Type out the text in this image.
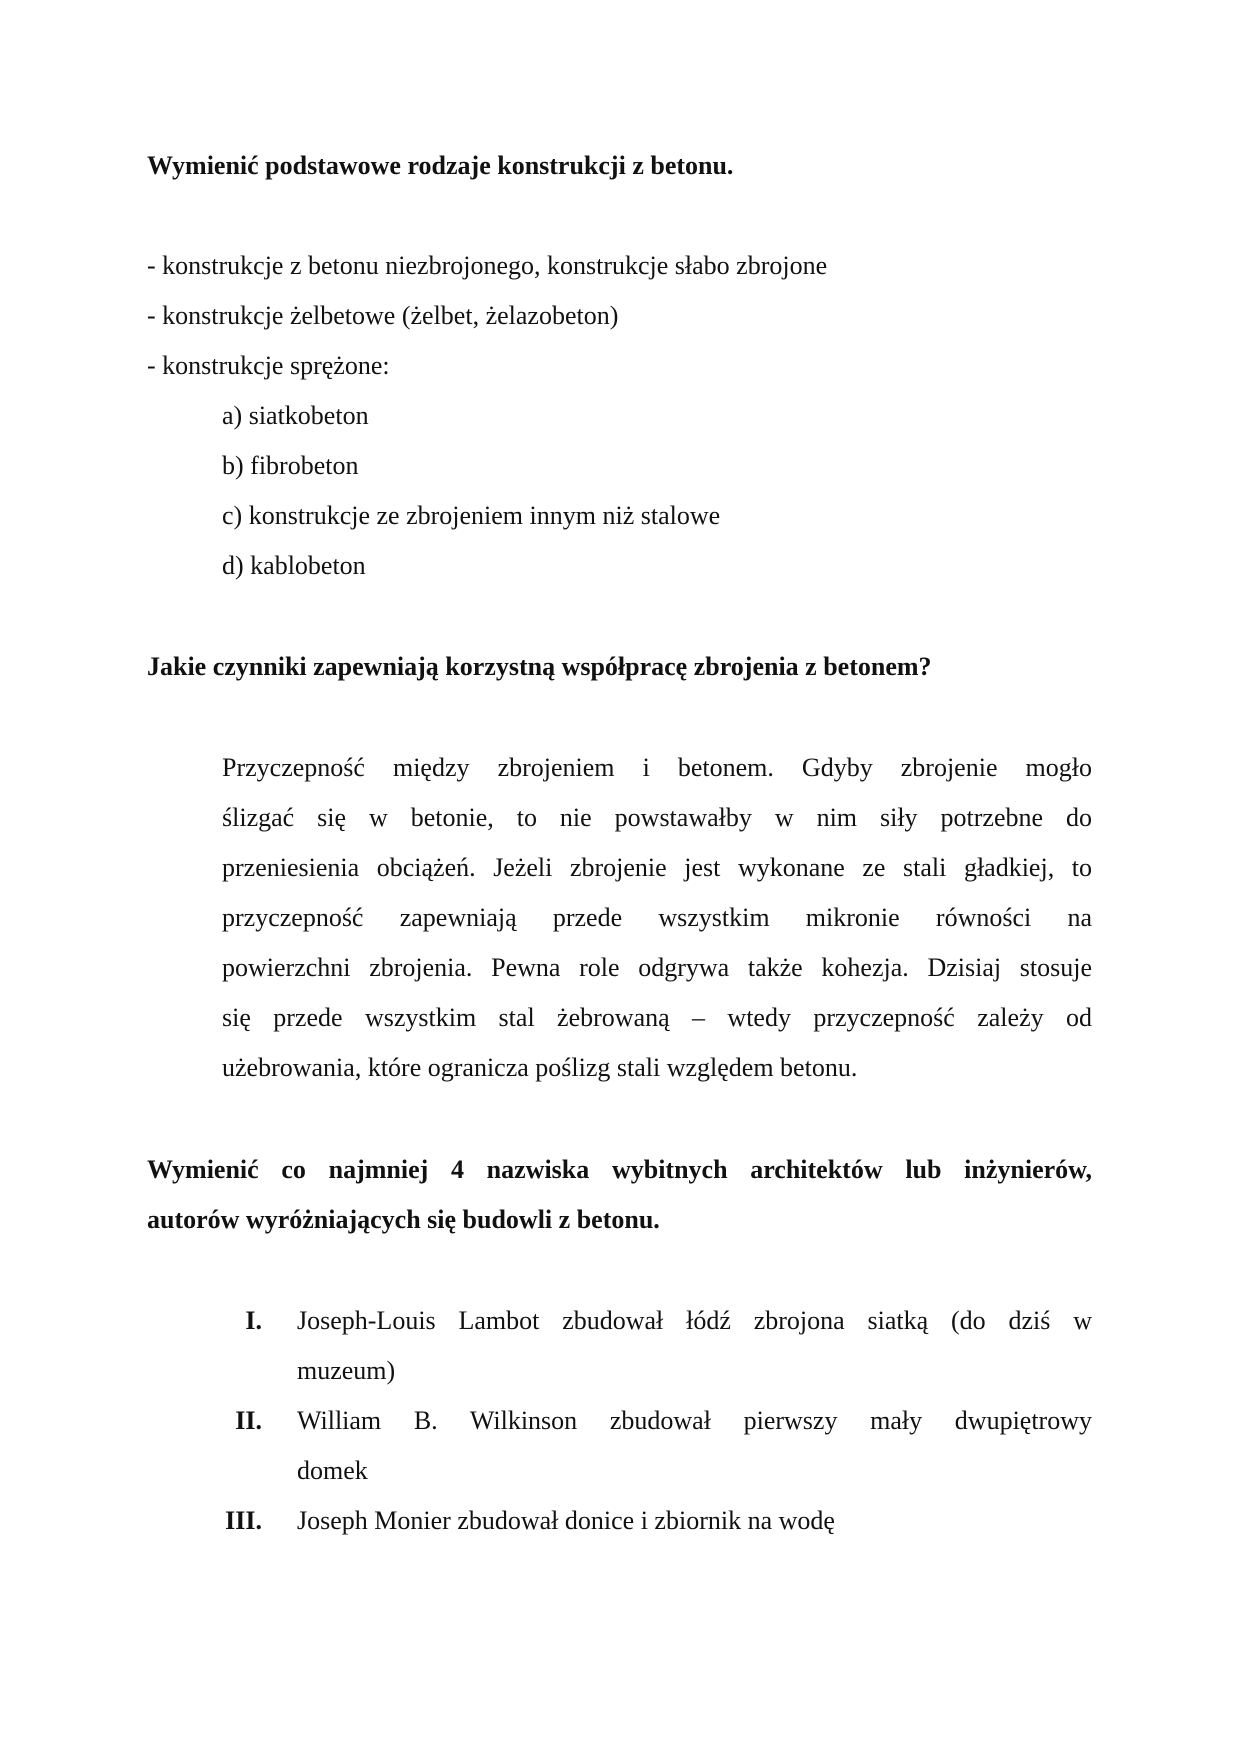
Wymienić podstawowe rodzaje konstrukcji z betonu.
- konstrukcje z betonu niezbrojonego, konstrukcje słabo zbrojone
- konstrukcje żelbetowe (żelbet, żelazobeton)
- konstrukcje sprężone:
a) siatkobeton
b) fibrobeton
c) konstrukcje ze zbrojeniem innym niż stalowe
d) kablobeton
Jakie czynniki zapewniają korzystną współpracę zbrojenia z betonem?
Przyczepność między zbrojeniem i betonem. Gdyby zbrojenie mogło
ślizgać się w betonie, to nie powstawałby w nim siły potrzebne do
przeniesienia obciążeń. Jeżeli zbrojenie jest wykonane ze stali gładkiej, to
przyczepność zapewniają przede wszystkim mikronie równości na
powierzchni zbrojenia. Pewna role odgrywa także kohezja. Dzisiaj stosuje
się przede wszystkim stal żebrowaną – wtedy przyczepność zależy od
użebrowania, które ogranicza poślizg stali względem betonu.
Wymienić co najmniej 4 nazwiska wybitnych architektów lub inżynierów,
autorów wyróżniających się budowli z betonu.
I. Joseph-Louis Lambot zbudował łódź zbrojona siatką (do dziś w
muzeum)
II. William B. Wilkinson zbudował pierwszy mały dwupiętrowy
domek
III. Joseph Monier zbudował donice i zbiornik na wodę
